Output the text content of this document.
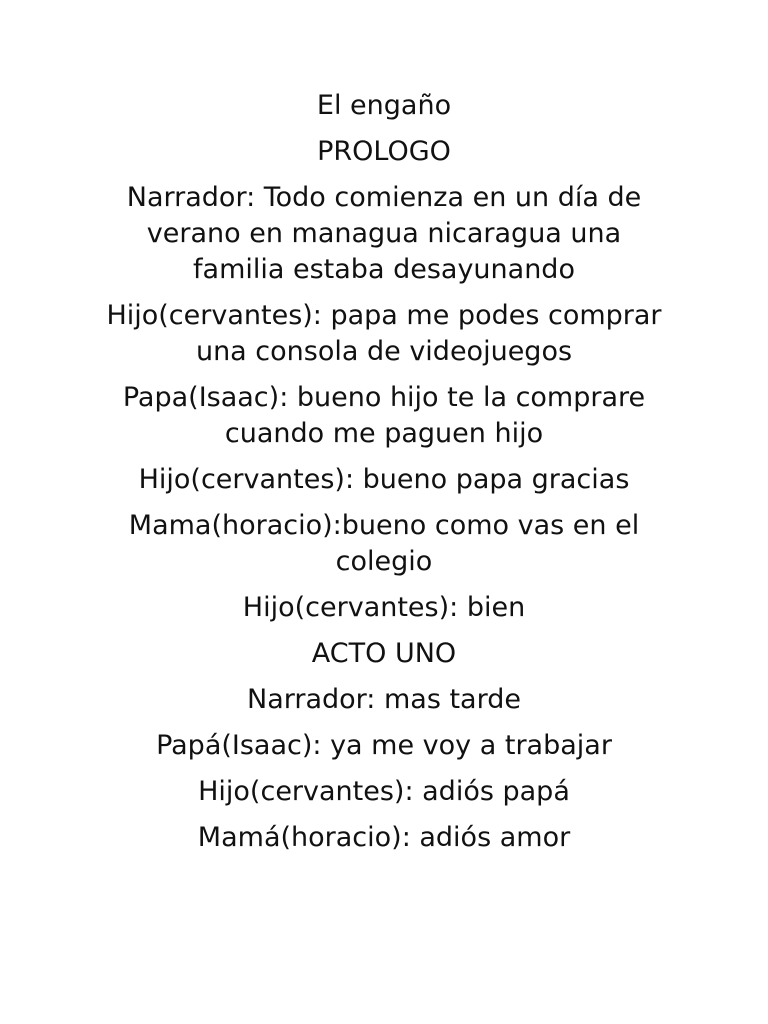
El engaño

PROLOGO

Narrador: Todo comienza en un día de verano en managua nicaragua una familia estaba desayunando

Hijo(cervantes): papa me podes comprar una consola de videojuegos

Papa(Isaac): bueno hijo te la comprare cuando me paguen hijo

Hijo(cervantes): bueno papa gracias

Mama(horacio):bueno como vas en el colegio

Hijo(cervantes): bien

ACTO UNO

Narrador: mas tarde

Papá(Isaac): ya me voy a trabajar

Hijo(cervantes): adiós papá

Mamá(horacio): adiós amor
